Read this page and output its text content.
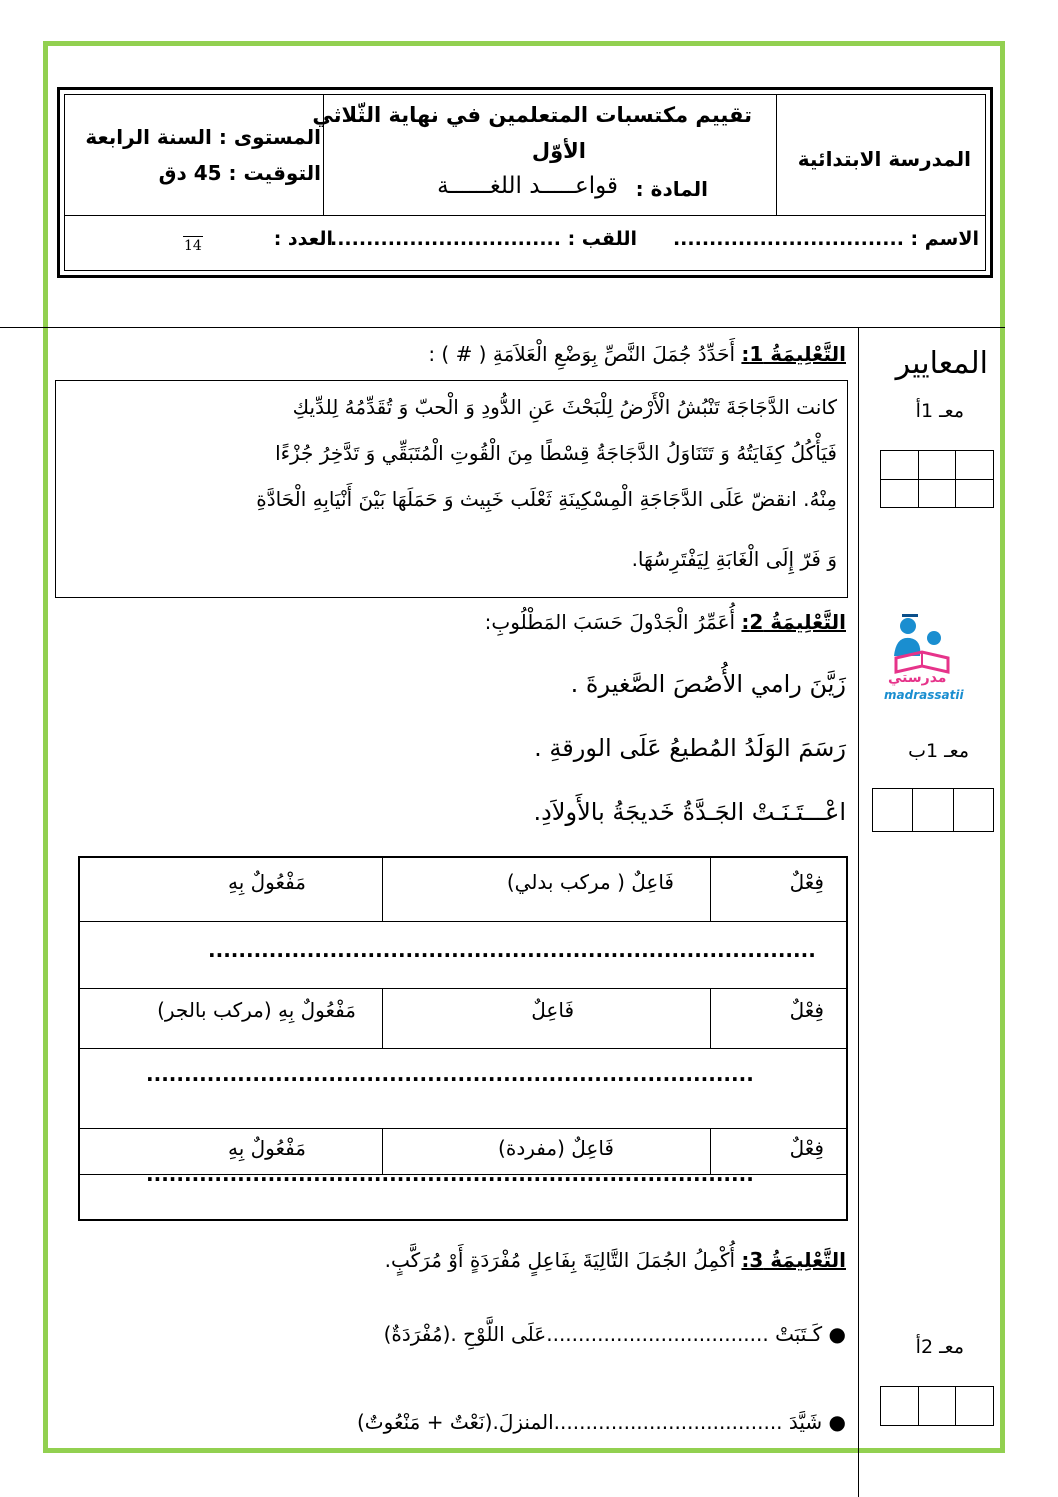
المدرسة الابتدائية
تقييم مكتسبات المتعلمين في نهاية الثّلاثي
الأوّل
المادة :
قواعـــــد اللغــــــة
المستوى : السنة الرابعة
التوقيت : 45 دق
الاسم : ................................
اللقب : ................................
العدد :
14
المعايير
معـ 1أ
مدرستي
madrassatii
معـ 1ب
معـ 2أ
التَّعْلِيمَةُ 1: أَحَدِّدُ جُمَلَ النَّصِّ بِوَضْعِ الْعَلاَمَةِ ( # ) :
كانت الدَّجَاجَةَ تَنْبُشُ الْأَرْضُ لِلْبَحْثَ عَنِ الدُّودِ وَ الْحبّ وَ تُقَدِّمُهُ لِلدِّيكِ
فَيَأْكُلُ كِفَايَتُهُ وَ تَتَنَاوَلُ الدَّجَاجَةُ قِسْطًا مِنَ الْقُوتِ الْمُتَبَقِّي وَ تَدَّخِرُ جُزْءًا
مِنْهُ. انقضّ عَلَى الدَّجَاجَةِ الْمِسْكِينَةِ ثَعْلَب خَبِيث وَ حَمَلَهَا بَيْنَ أَنْيَابِهِ الْحَادَّةِ
وَ فَرّ إِلَى الْغَابَةِ لِيَفْتَرِسُهَا.
التَّعْلِيمَةُ 2: أُعَمِّرُ الْجَدْولَ حَسَبَ المَطْلُوبِ:
زَيَّنَ رامي الأُصُصَ الصَّغيرةَ .
رَسَمَ الوَلَدُ المُطيعُ عَلَى الورقةِ .
اعْـــتَـنَـتْ الجَـدَّةُ خَديجَةُ بالأَولاَدِ.
فِعْلٌ
فَاعِلٌ ( مركب بدلي)
مَفْعُولٌ بِهِ
................................................................................
فِعْلٌ
فَاعِلٌ
مَفْعُولٌ بِهِ (مركب بالجر)
................................................................................
فِعْلٌ
فَاعِلٌ (مفردة)
مَفْعُولٌ بِهِ
................................................................................
التَّعْلِيمَةُ 3: أُكْمِلُ الجُمَلَ التَّالِيَةَ بِفَاعِلٍ مُفْرَدَةٍ أَوْ مُرَكَّبٍ.
● كَـتَبَتْ ...................................عَلَى اللَّوْحِ .(مُفْرَدَةٌ)
● شَيَّدَ ....................................المنزلَ.(نَعْتٌ + مَنْعُوتٌ)
